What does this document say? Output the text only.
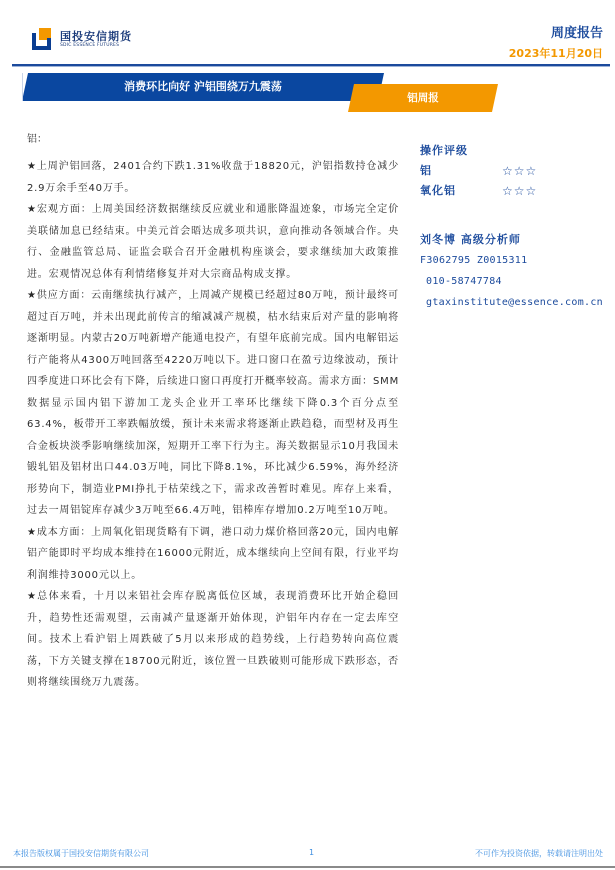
国投安信期货
SDIC ESSENCE FUTURES
周度报告
2023年11月20日
消费环比向好 沪铝围绕万九震荡
铝周报
铝：

★上周沪铝回落，2401合约下跌1.31%收盘于18820元，沪铝指数持仓减少2.9万余手至40万手。

★宏观方面：上周美国经济数据继续反应就业和通胀降温迹象，市场完全定价美联储加息已经结束。中美元首会晤达成多项共识，意向推动各领域合作。央行、金融监管总局、证监会联合召开金融机构座谈会，要求继续加大政策推进。宏观情况总体有利情绪修复并对大宗商品构成支撑。

★供应方面：云南继续执行减产，上周减产规模已经超过80万吨，预计最终可超过百万吨，并未出现此前传言的缩减减产规模，枯水结束后对产量的影响将逐渐明显。内蒙古20万吨新增产能通电投产，有望年底前完成。国内电解铝运行产能将从4300万吨回落至4220万吨以下。进口窗口在盈亏边缘波动，预计四季度进口环比会有下降，后续进口窗口再度打开概率较高。需求方面：SMM数据显示国内铝下游加工龙头企业开工率环比继续下降0.3个百分点至63.4%，板带开工率跌幅放缓，预计未来需求将逐渐止跌趋稳，而型材及再生合金板块淡季影响继续加深，短期开工率下行为主。海关数据显示10月我国未锻轧铝及铝材出口44.03万吨，同比下降8.1%，环比减少6.59%，海外经济形势向下，制造业PMI挣扎于枯荣线之下，需求改善暂时难见。库存上来看，过去一周铝锭库存减少3万吨至66.4万吨，铝棒库存增加0.2万吨至10万吨。

★成本方面：上周氧化铝现货略有下调，港口动力煤价格回落20元，国内电解铝产能即时平均成本维持在16000元附近，成本继续向上空间有限，行业平均利润维持3000元以上。

★总体来看，十月以来铝社会库存脱离低位区域，表现消费环比开始企稳回升，趋势性还需观望，云南减产量逐渐开始体现，沪铝年内存在一定去库空间。技术上看沪铝上周跌破了5月以来形成的趋势线，上行趋势转向高位震荡，下方关键支撑在18700元附近，该位置一旦跌破则可能形成下跌形态，否则将继续围绕万九震荡。

操作评级
铝	☆☆☆
氧化铝	☆☆☆
刘冬博 高级分析师
F3062795 Z0015311
010-58747784
gtaxinstitute@essence.com.cn
本报告版权属于国投安信期货有限公司	1	不可作为投资依据，转载请注明出处
